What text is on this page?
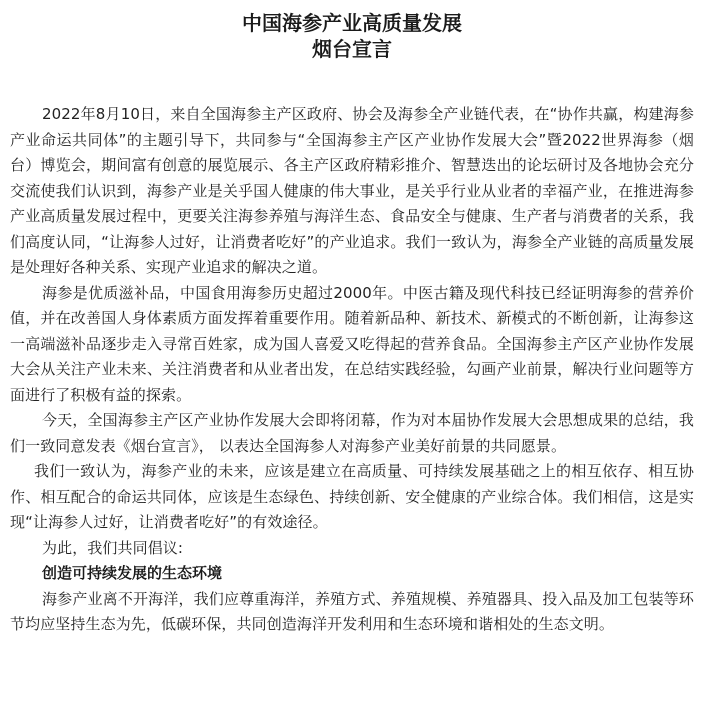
中国海参产业高质量发展
烟台宣言

2022年8月10日，来自全国海参主产区政府、协会及海参全产业链代表，在“协作共赢，构建海参产业命运共同体”的主题引导下，共同参与“全国海参主产区产业协作发展大会”暨2022世界海参（烟台）博览会，期间富有创意的展览展示、各主产区政府精彩推介、智慧迭出的论坛研讨及各地协会充分交流使我们认识到，海参产业是关乎国人健康的伟大事业，是关乎行业从业者的幸福产业，在推进海参产业高质量发展过程中，更要关注海参养殖与海洋生态、食品安全与健康、生产者与消费者的关系，我们高度认同，“让海参人过好，让消费者吃好”的产业追求。我们一致认为，海参全产业链的高质量发展是处理好各种关系、实现产业追求的解决之道。

海参是优质滋补品，中国食用海参历史超过2000年。中医古籍及现代科技已经证明海参的营养价值，并在改善国人身体素质方面发挥着重要作用。随着新品种、新技术、新模式的不断创新，让海参这一高端滋补品逐步走入寻常百姓家，成为国人喜爱又吃得起的营养食品。全国海参主产区产业协作发展大会从关注产业未来、关注消费者和从业者出发，在总结实践经验，勾画产业前景，解决行业问题等方面进行了积极有益的探索。

今天，全国海参主产区产业协作发展大会即将闭幕，作为对本届协作发展大会思想成果的总结，我们一致同意发表《烟台宣言》， 以表达全国海参人对海参产业美好前景的共同愿景。

我们一致认为，海参产业的未来，应该是建立在高质量、可持续发展基础之上的相互依存、相互协作、相互配合的命运共同体，应该是生态绿色、持续创新、安全健康的产业综合体。我们相信，这是实现“让海参人过好，让消费者吃好”的有效途径。

为此，我们共同倡议:

创造可持续发展的生态环境

海参产业离不开海洋，我们应尊重海洋，养殖方式、养殖规模、养殖器具、投入品及加工包装等环节均应坚持生态为先，低碳环保，共同创造海洋开发利用和生态环境和谐相处的生态文明。
